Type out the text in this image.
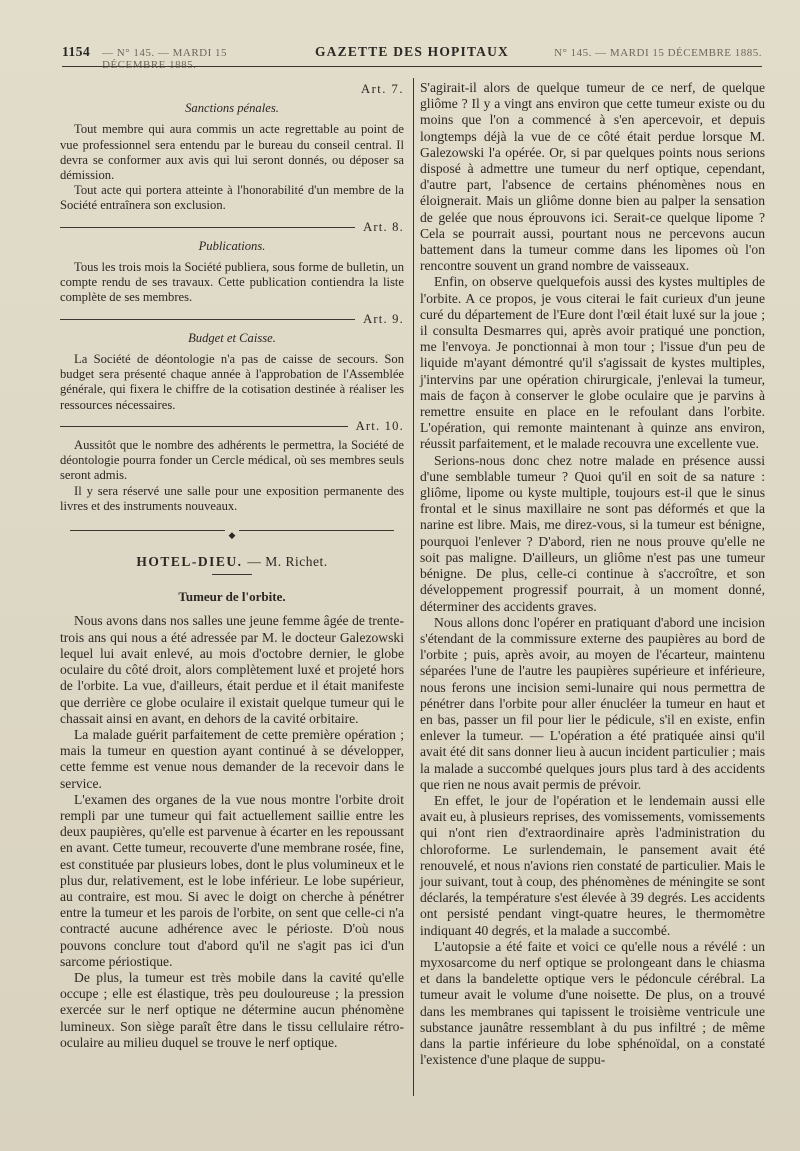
1154	— N° 145. — MARDI 15 DÉCEMBRE 1885.
GAZETTE DES HOPITAUX	N° 145. — MARDI 15 DÉCEMBRE 1885.
Art. 7.
Sanctions pénales.

Tout membre qui aura commis un acte regrettable au point de vue professionnel sera entendu par le bureau du conseil central. Il devra se conformer aux avis qui lui seront donnés, ou déposer sa démission.

Tout acte qui portera atteinte à l'honorabilité d'un membre de la Société entraînera son exclusion.

Art. 8.
Publications.

Tous les trois mois la Société publiera, sous forme de bulletin, un compte rendu de ses travaux. Cette publication contiendra la liste complète de ses membres.

Art. 9.
Budget et Caisse.

La Société de déontologie n'a pas de caisse de secours. Son budget sera présenté chaque année à l'approbation de l'Assemblée générale, qui fixera le chiffre de la cotisation destinée à réaliser les ressources nécessaires.

Art. 10.

Aussitôt que le nombre des adhérents le permettra, la Société de déontologie pourra fonder un Cercle médical, où ses membres seuls seront admis.

Il y sera réservé une salle pour une exposition permanente des livres et des instruments nouveaux.

◆
HOTEL-DIEU. — M. Richet.
Tumeur de l'orbite.

Nous avons dans nos salles une jeune femme âgée de trente-trois ans qui nous a été adressée par M. le docteur Galezowski lequel lui avait enlevé, au mois d'octobre dernier, le globe oculaire du côté droit, alors complètement luxé et projeté hors de l'orbite. La vue, d'ailleurs, était perdue et il était manifeste que derrière ce globe oculaire il existait quelque tumeur qui le chassait ainsi en avant, en dehors de la cavité orbitaire.

La malade guérit parfaitement de cette première opération ; mais la tumeur en question ayant continué à se développer, cette femme est venue nous demander de la recevoir dans le service.

L'examen des organes de la vue nous montre l'orbite droit rempli par une tumeur qui fait actuellement saillie entre les deux paupières, qu'elle est parvenue à écarter en les repoussant en avant. Cette tumeur, recouverte d'une membrane rosée, fine, est constituée par plusieurs lobes, dont le plus volumineux et le plus dur, relativement, est le lobe inférieur. Le lobe supérieur, au contraire, est mou. Si avec le doigt on cherche à pénétrer entre la tumeur et les parois de l'orbite, on sent que celle-ci n'a contracté aucune adhérence avec le périoste. D'où nous pouvons conclure tout d'abord qu'il ne s'agit pas ici d'un sarcome périostique.

De plus, la tumeur est très mobile dans la cavité qu'elle occupe ; elle est élastique, très peu douloureuse ; la pression exercée sur le nerf optique ne détermine aucun phénomène lumineux. Son siège paraît être dans le tissu cellulaire rétro-oculaire au milieu duquel se trouve le nerf optique.

S'agirait-il alors de quelque tumeur de ce nerf, de quelque gliôme ? Il y a vingt ans environ que cette tumeur existe ou du moins que l'on a commencé à s'en apercevoir, et depuis longtemps déjà la vue de ce côté était perdue lorsque M. Galezowski l'a opérée. Or, si par quelques points nous serions disposé à admettre une tumeur du nerf optique, cependant, d'autre part, l'absence de certains phénomènes nous en éloignerait. Mais un gliôme donne bien au palper la sensation de gelée que nous éprouvons ici. Serait-ce quelque lipome ? Cela se pourrait aussi, pourtant nous ne percevons aucun battement dans la tumeur comme dans les lipomes où l'on rencontre souvent un grand nombre de vaisseaux.

Enfin, on observe quelquefois aussi des kystes multiples de l'orbite. A ce propos, je vous citerai le fait curieux d'un jeune curé du département de l'Eure dont l'œil était luxé sur la joue ; il consulta Desmarres qui, après avoir pratiqué une ponction, me l'envoya. Je ponctionnai à mon tour ; l'issue d'un peu de liquide m'ayant démontré qu'il s'agissait de kystes multiples, j'intervins par une opération chirurgicale, j'enlevai la tumeur, mais de façon à conserver le globe oculaire que je parvins à remettre ensuite en place en le refoulant dans l'orbite. L'opération, qui remonte maintenant à quinze ans environ, réussit parfaitement, et le malade recouvra une excellente vue.

Serions-nous donc chez notre malade en présence aussi d'une semblable tumeur ? Quoi qu'il en soit de sa nature : gliôme, lipome ou kyste multiple, toujours est-il que le sinus frontal et le sinus maxillaire ne sont pas déformés et que la narine est libre. Mais, me direz-vous, si la tumeur est bénigne, pourquoi l'enlever ? D'abord, rien ne nous prouve qu'elle ne soit pas maligne. D'ailleurs, un gliôme n'est pas une tumeur bénigne. De plus, celle-ci continue à s'accroître, et son développement progressif pourrait, à un moment donné, déterminer des accidents graves.

Nous allons donc l'opérer en pratiquant d'abord une incision s'étendant de la commissure externe des paupières au bord de l'orbite ; puis, après avoir, au moyen de l'écarteur, maintenu séparées l'une de l'autre les paupières supérieure et inférieure, nous ferons une incision semi-lunaire qui nous permettra de pénétrer dans l'orbite pour aller énucléer la tumeur en haut et en bas, passer un fil pour lier le pédicule, s'il en existe, enfin enlever la tumeur. — L'opération a été pratiquée ainsi qu'il avait été dit sans donner lieu à aucun incident particulier ; mais la malade a succombé quelques jours plus tard à des accidents que rien ne nous avait permis de prévoir.

En effet, le jour de l'opération et le lendemain aussi elle avait eu, à plusieurs reprises, des vomissements, vomissements qui n'ont rien d'extraordinaire après l'administration du chloroforme. Le surlendemain, le pansement avait été renouvelé, et nous n'avions rien constaté de particulier. Mais le jour suivant, tout à coup, des phénomènes de méningite se sont déclarés, la température s'est élevée à 39 degrés. Les accidents ont persisté pendant vingt-quatre heures, le thermomètre indiquant 40 degrés, et la malade a succombé.

L'autopsie a été faite et voici ce qu'elle nous a révélé : un myxosarcome du nerf optique se prolongeant dans le chiasma et dans la bandelette optique vers le pédoncule cérébral. La tumeur avait le volume d'une noisette. De plus, on a trouvé dans les membranes qui tapissent le troisième ventricule une substance jaunâtre ressemblant à du pus infiltré ; de même dans la partie inférieure du lobe sphénoïdal, on a constaté l'existence d'une plaque de suppu-
